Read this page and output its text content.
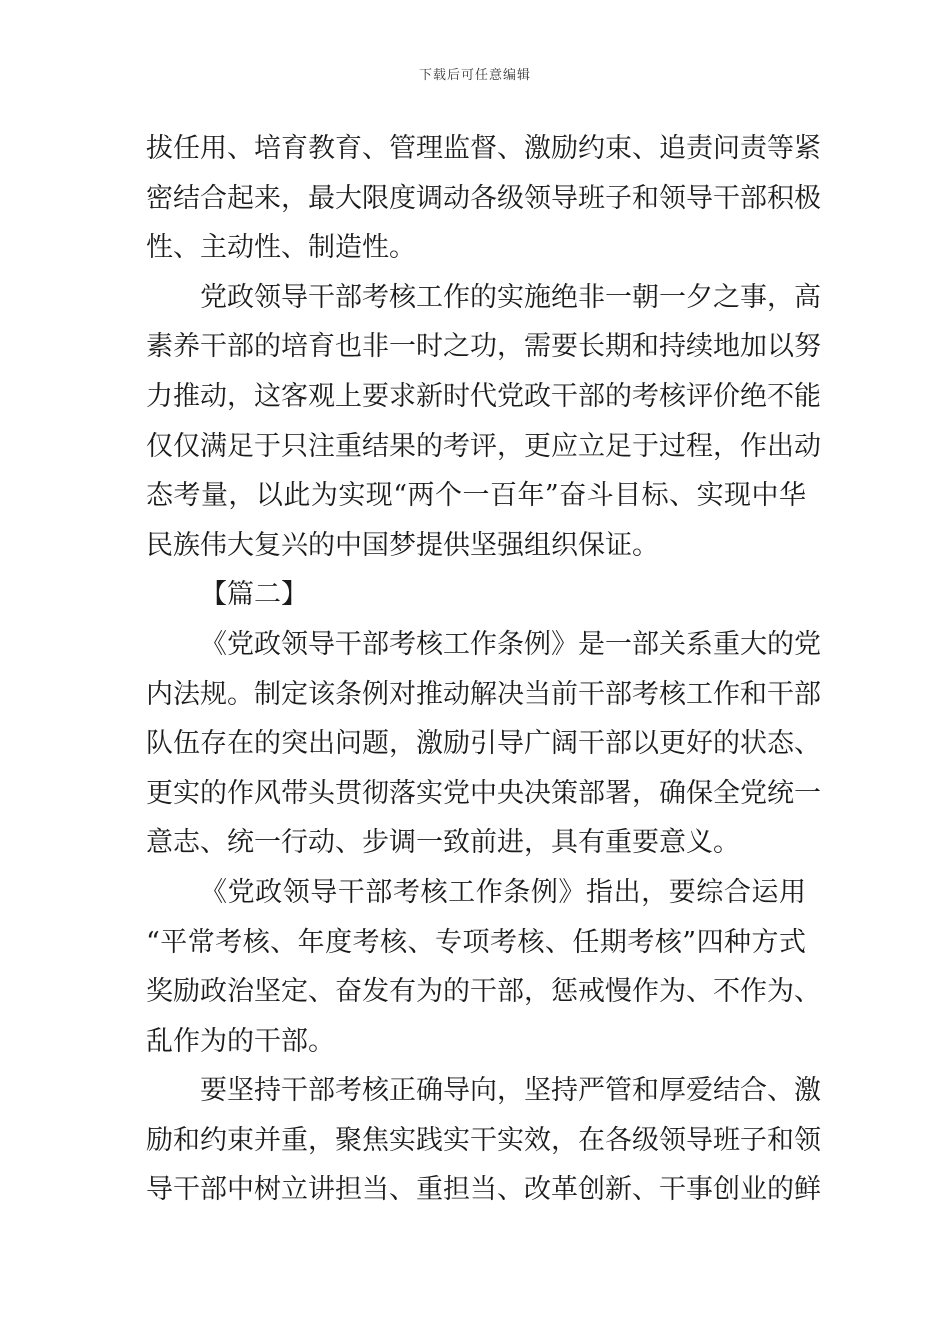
下载后可任意编辑
拔任用、培育教育、管理监督、激励约束、追责问责等紧
密结合起来，最大限度调动各级领导班子和领导干部积极
性、主动性、制造性。
党政领导干部考核工作的实施绝非一朝一夕之事，高
素养干部的培育也非一时之功，需要长期和持续地加以努
力推动，这客观上要求新时代党政干部的考核评价绝不能
仅仅满足于只注重结果的考评，更应立足于过程，作出动
态考量，以此为实现“两个一百年”奋斗目标、实现中华
民族伟大复兴的中国梦提供坚强组织保证。
【篇二】
《党政领导干部考核工作条例》是一部关系重大的党
内法规。制定该条例对推动解决当前干部考核工作和干部
队伍存在的突出问题，激励引导广阔干部以更好的状态、
更实的作风带头贯彻落实党中央决策部署，确保全党统一
意志、统一行动、步调一致前进，具有重要意义。
《党政领导干部考核工作条例》指出，要综合运用
“平常考核、年度考核、专项考核、任期考核”四种方式
奖励政治坚定、奋发有为的干部，惩戒慢作为、不作为、
乱作为的干部。
要坚持干部考核正确导向，坚持严管和厚爱结合、激
励和约束并重，聚焦实践实干实效，在各级领导班子和领
导干部中树立讲担当、重担当、改革创新、干事创业的鲜
